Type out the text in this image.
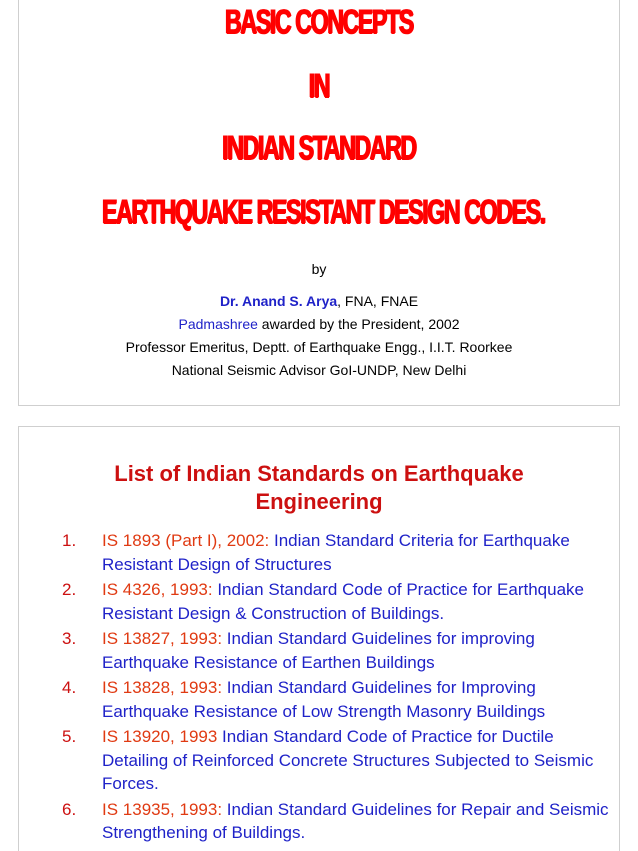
BASIC CONCEPTS
IN
INDIAN STANDARD
EARTHQUAKE RESISTANT DESIGN CODES.
by
Dr. Anand S. Arya, FNA, FNAE
Padmashree awarded by the President, 2002
Professor Emeritus, Deptt. of Earthquake Engg., I.I.T. Roorkee
National Seismic Advisor GoI-UNDP, New Delhi
List of Indian Standards on Earthquake
Engineering
1. IS 1893 (Part I), 2002: Indian Standard Criteria for Earthquake Resistant Design of Structures
2. IS 4326, 1993: Indian Standard Code of Practice for Earthquake Resistant Design & Construction of Buildings.
3. IS 13827, 1993: Indian Standard Guidelines for improving Earthquake Resistance of Earthen Buildings
4. IS 13828, 1993: Indian Standard Guidelines for Improving Earthquake Resistance of Low Strength Masonry Buildings
5. IS 13920, 1993 Indian Standard Code of Practice for Ductile Detailing of Reinforced Concrete Structures Subjected to Seismic Forces.
6. IS 13935, 1993: Indian Standard Guidelines for Repair and Seismic Strengthening of Buildings.
